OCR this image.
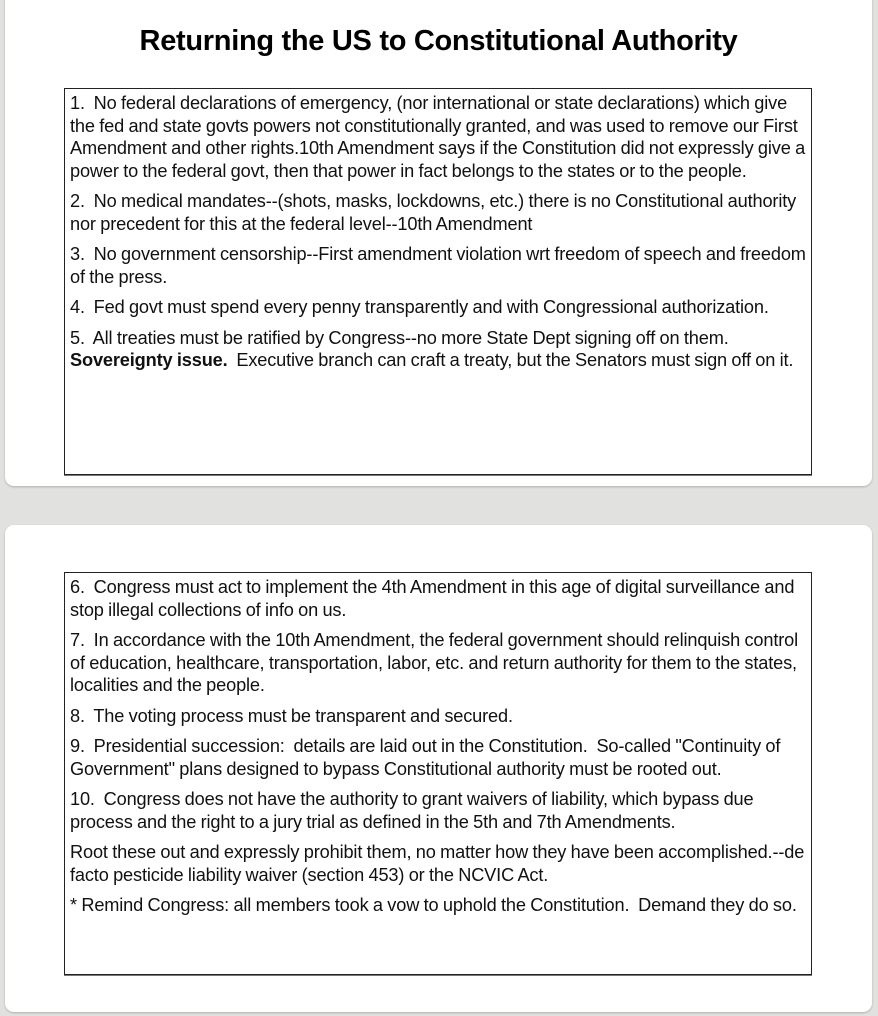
Returning the US to Constitutional Authority

1.  No federal declarations of emergency, (nor international or state declarations) which give the fed and state govts powers not constitutionally granted, and was used to remove our First Amendment and other rights.10th Amendment says if the Constitution did not expressly give a power to the federal govt, then that power in fact belongs to the states or to the people.

2.  No medical mandates--(shots, masks, lockdowns, etc.) there is no Constitutional authority nor precedent for this at the federal level--10th Amendment

3.  No government censorship--First amendment violation wrt freedom of speech and freedom of the press.

4.  Fed govt must spend every penny transparently and with Congressional authorization.

5.  All treaties must be ratified by Congress--no more State Dept signing off on them.  Sovereignty issue.  Executive branch can craft a treaty, but the Senators must sign off on it.

6.  Congress must act to implement the 4th Amendment in this age of digital surveillance and stop illegal collections of info on us.

7.  In accordance with the 10th Amendment, the federal government should relinquish control of education, healthcare, transportation, labor, etc. and return authority for them to the states, localities and the people.

8.  The voting process must be transparent and secured.

9.  Presidential succession:  details are laid out in the Constitution.  So-called "Continuity of Government" plans designed to bypass Constitutional authority must be rooted out.

10.  Congress does not have the authority to grant waivers of liability, which bypass due process and the right to a jury trial as defined in the 5th and 7th Amendments.

Root these out and expressly prohibit them, no matter how they have been accomplished.--de facto pesticide liability waiver (section 453) or the NCVIC Act.

* Remind Congress: all members took a vow to uphold the Constitution.  Demand they do so.
